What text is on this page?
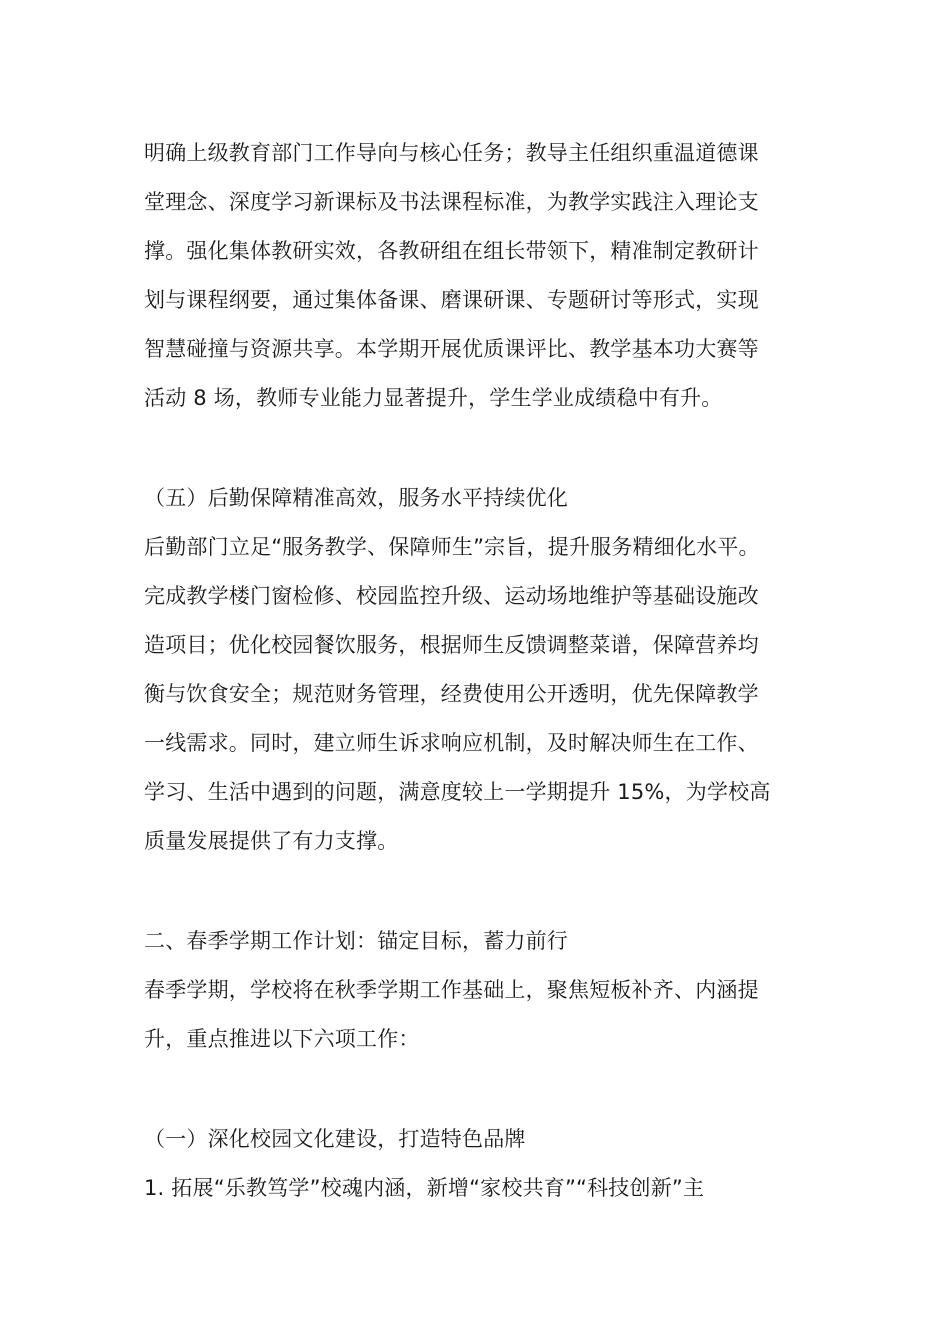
明确上级教育部门工作导向与核心任务；教导主任组织重温道德课
堂理念、深度学习新课标及书法课程标准，为教学实践注入理论支
撑。强化集体教研实效，各教研组在组长带领下，精准制定教研计
划与课程纲要，通过集体备课、磨课研课、专题研讨等形式，实现
智慧碰撞与资源共享。本学期开展优质课评比、教学基本功大赛等
活动 8 场，教师专业能力显著提升，学生学业成绩稳中有升。
（五）后勤保障精准高效，服务水平持续优化
后勤部门立足“服务教学、保障师生”宗旨，提升服务精细化水平。
完成教学楼门窗检修、校园监控升级、运动场地维护等基础设施改
造项目；优化校园餐饮服务，根据师生反馈调整菜谱，保障营养均
衡与饮食安全；规范财务管理，经费使用公开透明，优先保障教学
一线需求。同时，建立师生诉求响应机制，及时解决师生在工作、
学习、生活中遇到的问题，满意度较上一学期提升 15%，为学校高
质量发展提供了有力支撑。
二、春季学期工作计划：锚定目标，蓄力前行
春季学期，学校将在秋季学期工作基础上，聚焦短板补齐、内涵提
升，重点推进以下六项工作：
（一）深化校园文化建设，打造特色品牌
1. 拓展“乐教笃学”校魂内涵，新增“家校共育”“科技创新”主
